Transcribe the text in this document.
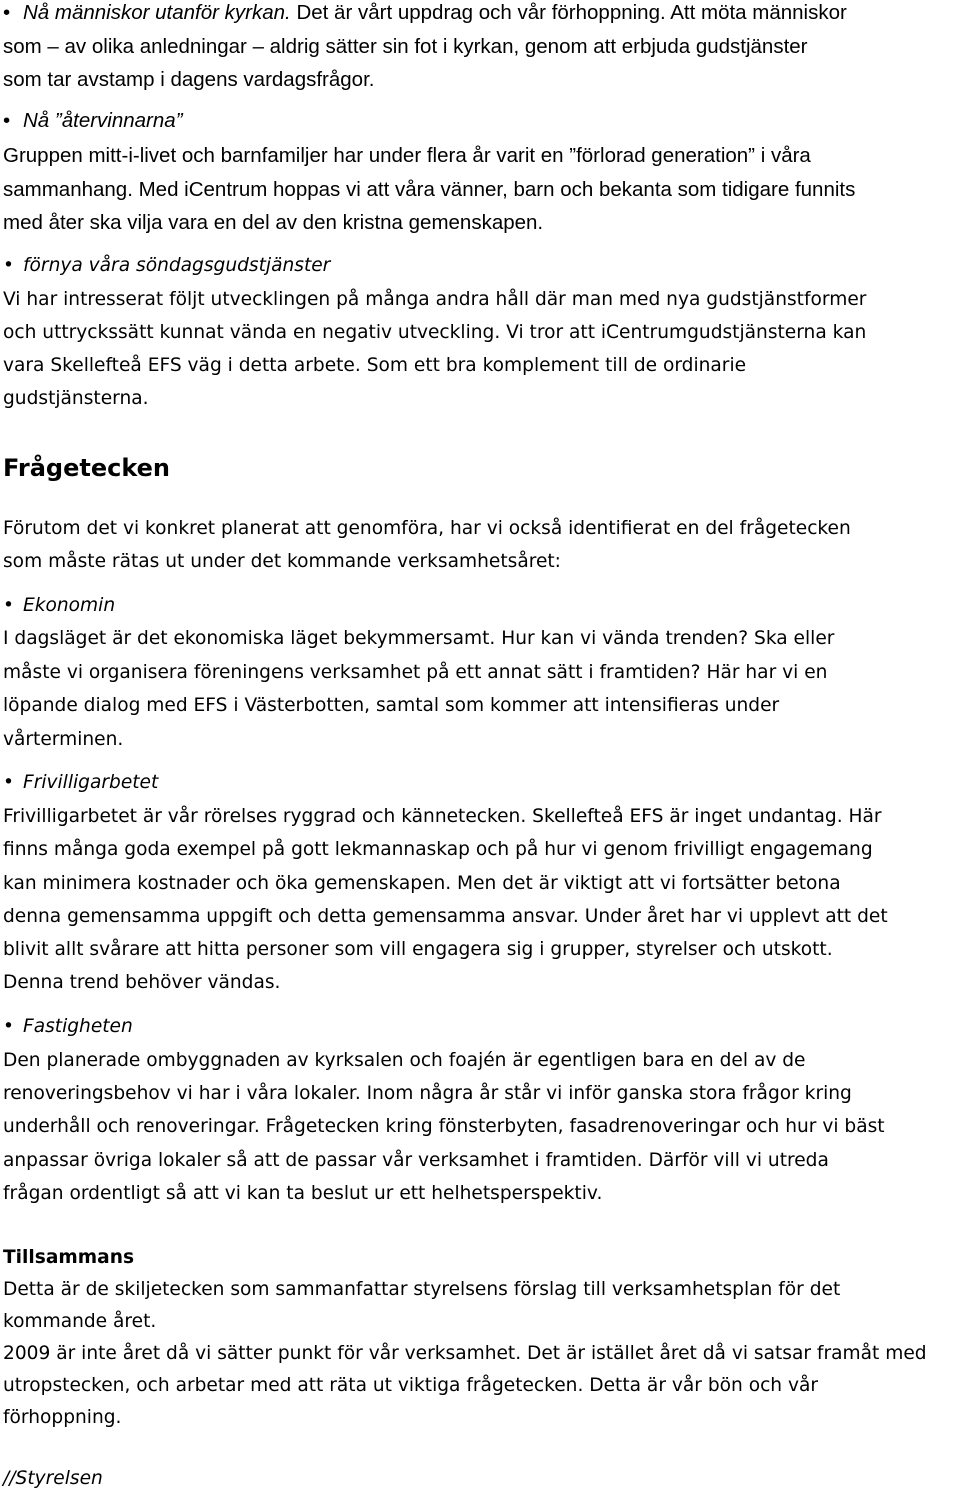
• Nå människor utanför kyrkan. Det är vårt uppdrag och vår förhoppning. Att möta människor
som – av olika anledningar – aldrig sätter sin fot i kyrkan, genom att erbjuda gudstjänster
som tar avstamp i dagens vardagsfrågor.
• Nå ”återvinnarna”
Gruppen mitt-i-livet och barnfamiljer har under flera år varit en ”förlorad generation” i våra
sammanhang. Med iCentrum hoppas vi att våra vänner, barn och bekanta som tidigare funnits
med åter ska vilja vara en del av den kristna gemenskapen.
• förnya våra söndagsgudstjänster
Vi har intresserat följt utvecklingen på många andra håll där man med nya gudstjänstformer
och uttryckssätt kunnat vända en negativ utveckling. Vi tror att iCentrumgudstjänsterna kan
vara Skellefteå EFS väg i detta arbete. Som ett bra komplement till de ordinarie
gudstjänsterna.
Frågetecken
Förutom det vi konkret planerat att genomföra, har vi också identifierat en del frågetecken
som måste rätas ut under det kommande verksamhetsåret:
• Ekonomin
I dagsläget är det ekonomiska läget bekymmersamt. Hur kan vi vända trenden? Ska eller
måste vi organisera föreningens verksamhet på ett annat sätt i framtiden? Här har vi en
löpande dialog med EFS i Västerbotten, samtal som kommer att intensifieras under
vårterminen.
• Frivilligarbetet
Frivilligarbetet är vår rörelses ryggrad och kännetecken. Skellefteå EFS är inget undantag. Här
finns många goda exempel på gott lekmannaskap och på hur vi genom frivilligt engagemang
kan minimera kostnader och öka gemenskapen. Men det är viktigt att vi fortsätter betona
denna gemensamma uppgift och detta gemensamma ansvar. Under året har vi upplevt att det
blivit allt svårare att hitta personer som vill engagera sig i grupper, styrelser och utskott.
Denna trend behöver vändas.
• Fastigheten
Den planerade ombyggnaden av kyrksalen och foajén är egentligen bara en del av de
renoveringsbehov vi har i våra lokaler. Inom några år står vi inför ganska stora frågor kring
underhåll och renoveringar. Frågetecken kring fönsterbyten, fasadrenoveringar och hur vi bäst
anpassar övriga lokaler så att de passar vår verksamhet i framtiden. Därför vill vi utreda
frågan ordentligt så att vi kan ta beslut ur ett helhetsperspektiv.
Tillsammans
Detta är de skiljetecken som sammanfattar styrelsens förslag till verksamhetsplan för det
kommande året.
2009 är inte året då vi sätter punkt för vår verksamhet. Det är istället året då vi satsar framåt med
utropstecken, och arbetar med att räta ut viktiga frågetecken. Detta är vår bön och vår
förhoppning.
//Styrelsen
